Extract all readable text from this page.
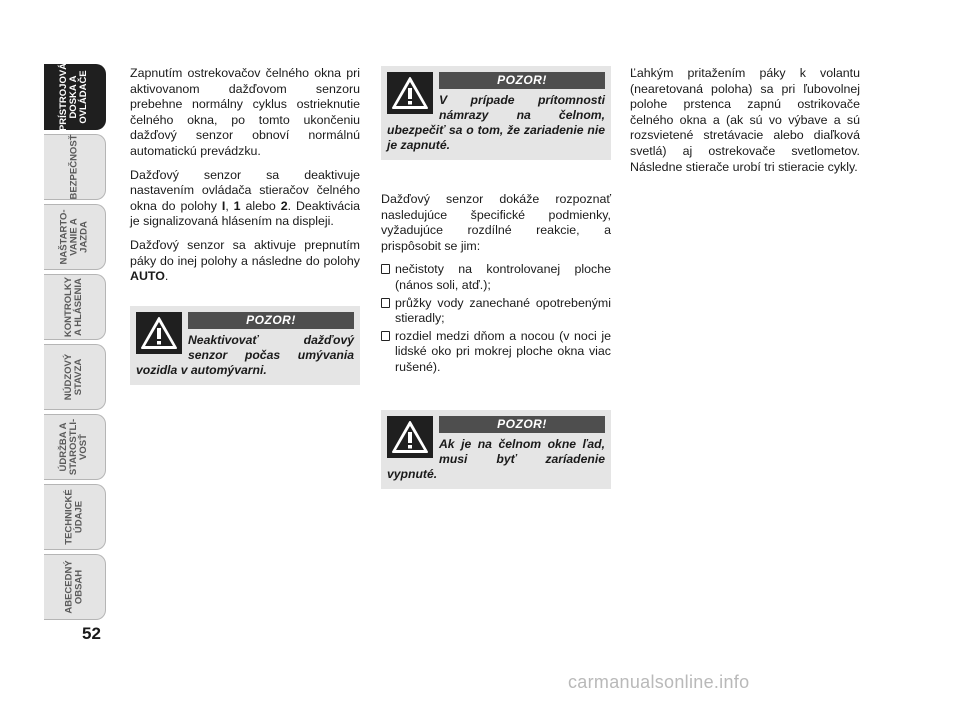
PRÍSTROJOVÁ
DOSKA A
OVLÁDAČE
BEZPEČNOSŤ
NAŠTARTO-
VANIE A
JAZDA
KONTROLKY
A HLÁSENIA
NÚDZOVÝ
STAVZA
ÚDRŽBA A
STAROSTLI-
VOSŤ
TECHNICKÉ
ÚDAJE
ABECEDNÝ
OBSAH
52

Zapnutím ostrekovačov čelného okna pri aktivovanom dažďovom senzoru prebehne normálny cyklus ostrieknutie čelného okna, po tomto ukončeniu dažďový senzor obnoví normálnú automatickú prevádzku.

Dažďový senzor sa deaktivuje nastavením ovládača stieračov čelného okna do polohy I, 1 alebo 2. Deaktivácia je signalizovaná hlásením na displeji.

Dažďový senzor sa aktivuje prepnutím páky do inej polohy a následne do polohy AUTO.

POZOR!
Neaktivovať dažďový senzor počas umývania vozidla v automývarni.
POZOR!
V prípade prítomnosti námrazy na čelnom, ubezpečiť sa o tom, že zariadenie nie je zapnuté.

Dažďový senzor dokáže rozpoznať nasledujúce špecifické podmienky, vyžadujúce rozdílné reakcie, a prispôsobit se jim:

nečistoty na kontrolovanej ploche (nános soli, atď.);
průžky vody zanechané opotrebenými stieradly;
rozdiel medzi dňom a nocou (v noci je lidské oko pri mokrej ploche okna viac rušené).
POZOR!
Ak je na čelnom okne ľad, musi byť zaríadenie vypnuté.

Ľahkým pritažením páky k volantu (nearetovaná poloha) sa pri ľubovolnej polohe prstenca zapnú ostrikovače čelného okna a (ak sú vo výbave a sú rozsvietené stretávacie alebo diaľková svetlá) aj ostrekovače svetlometov. Následne stierače urobí tri stieracie cykly.

carmanualsonline.info
